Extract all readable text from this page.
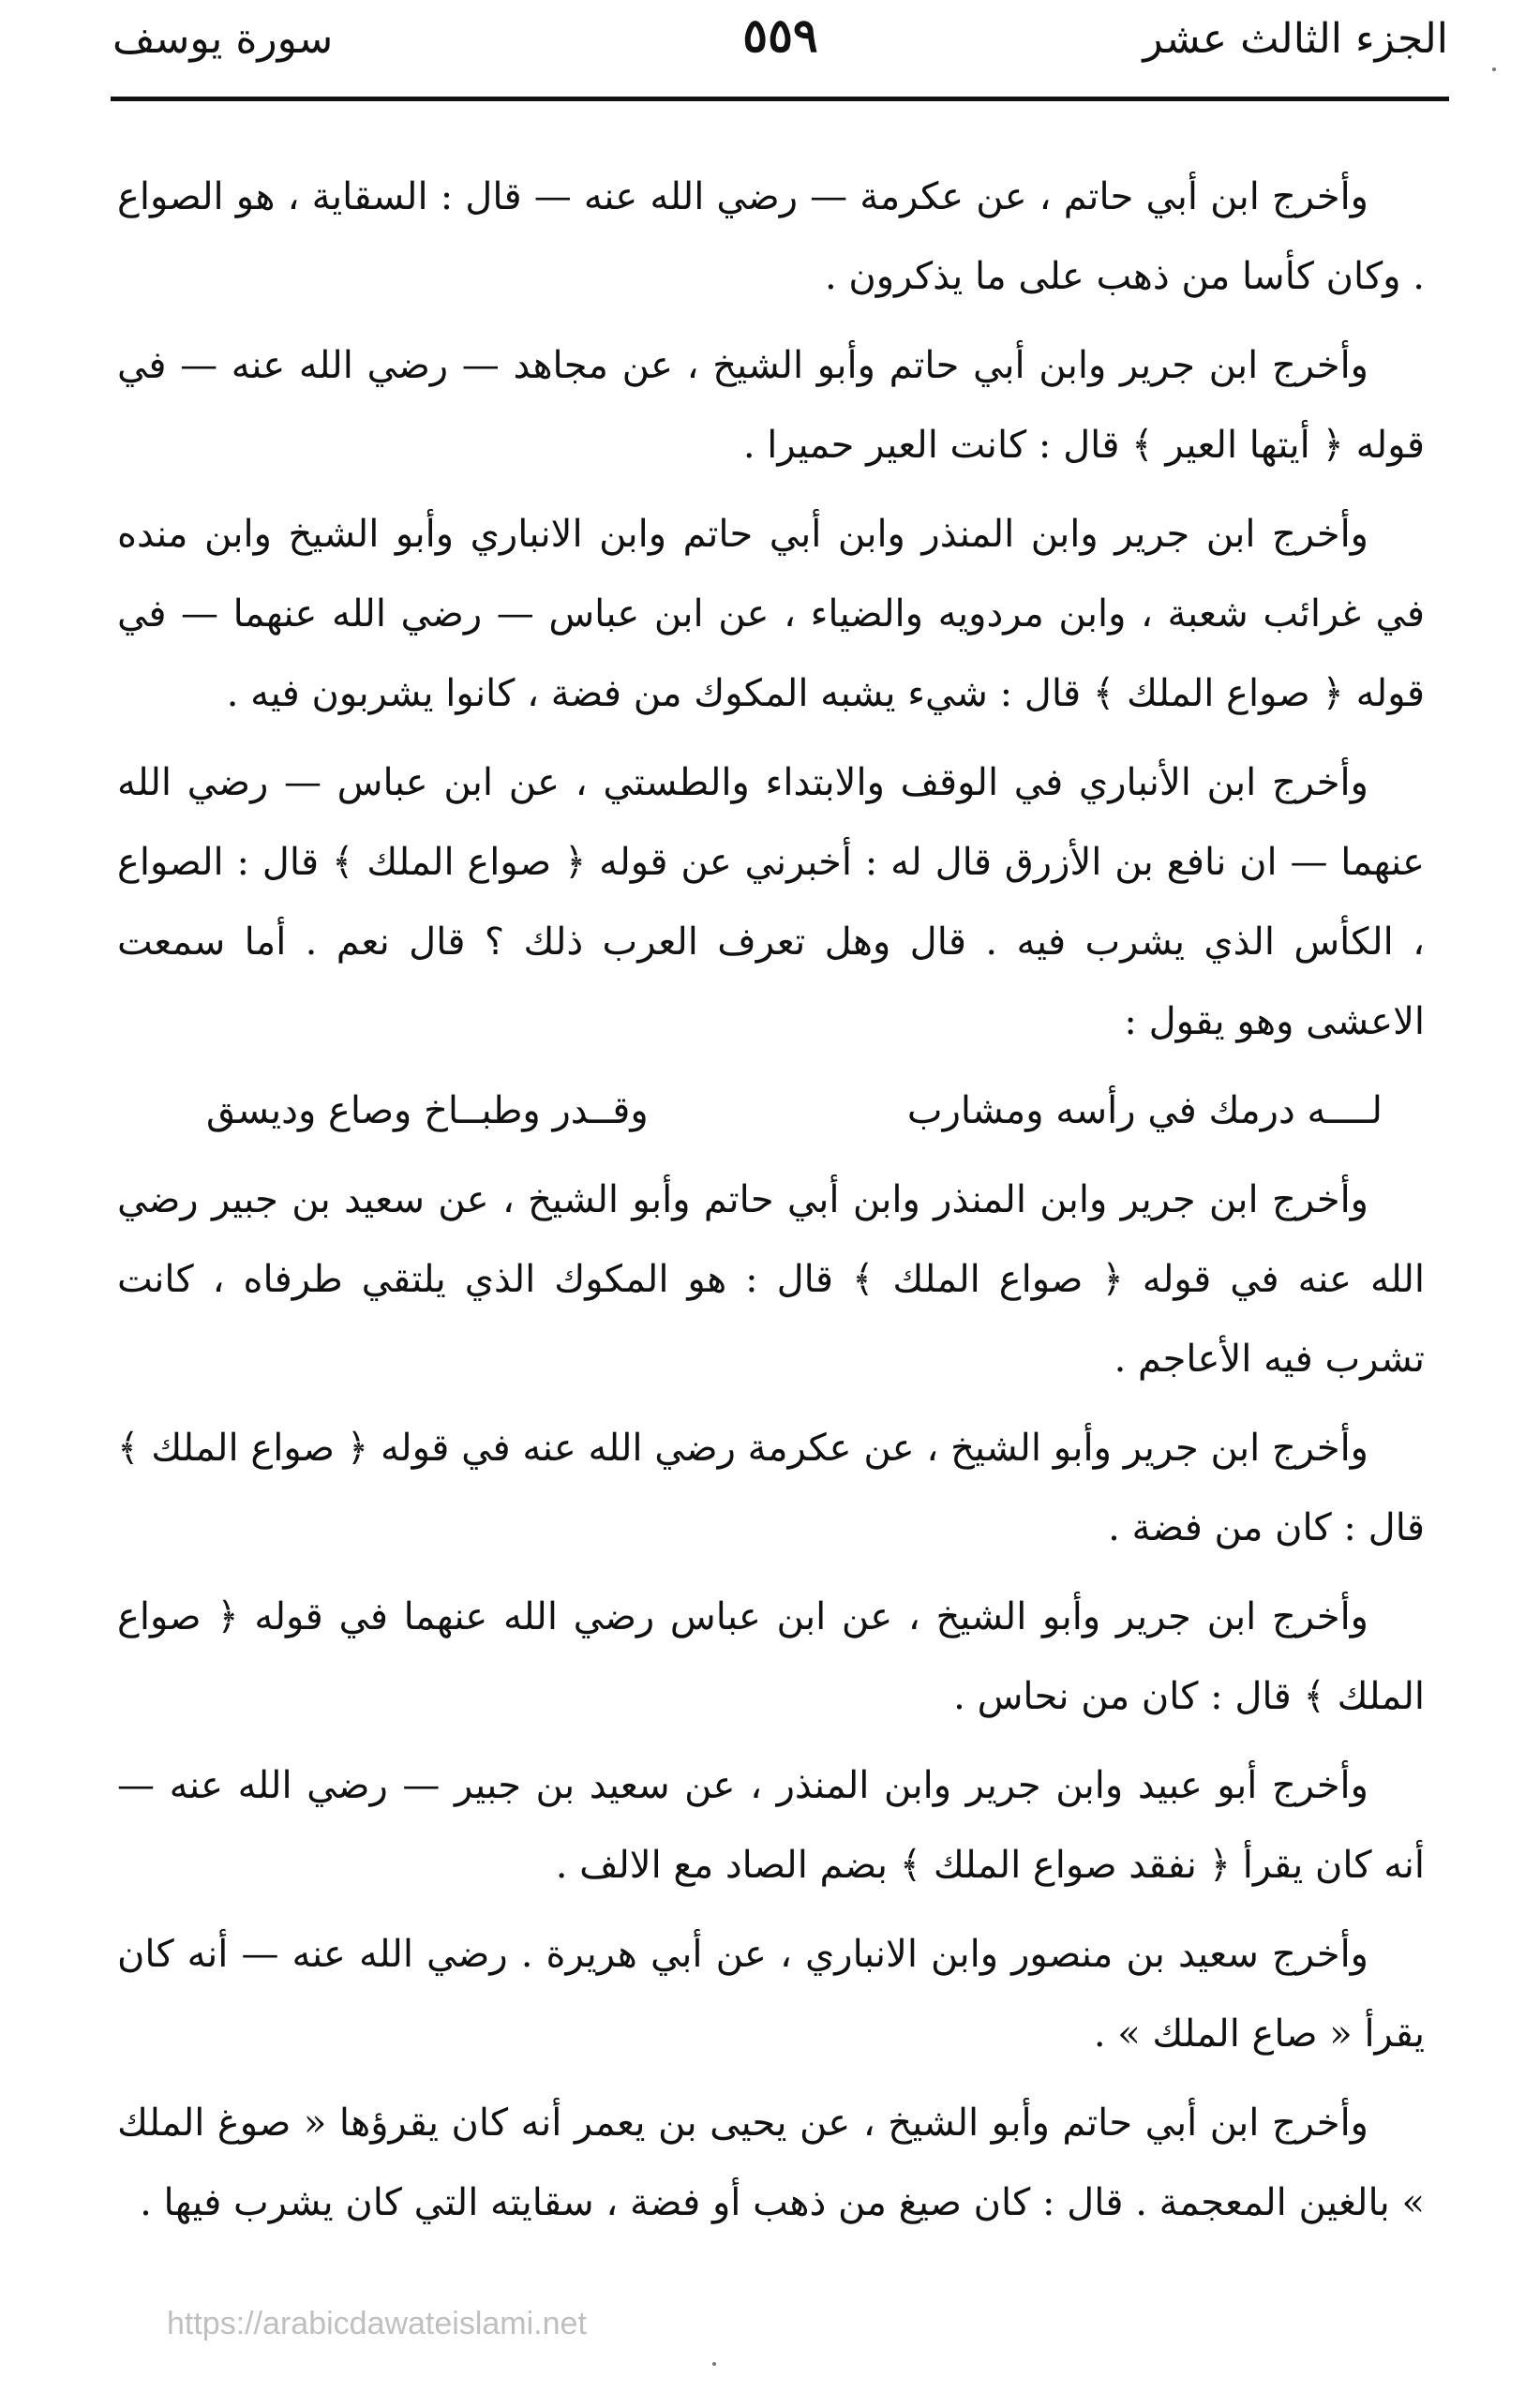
الجزء الثالث عشر
٥٥٩
سورة يوسف

وأخرج ابن أبي حاتم ، عن عكرمة — رضي الله عنه — قال : السقاية ، هو الصواع . وكان كأسا من ذهب على ما يذكرون .

وأخرج ابن جرير وابن أبي حاتم وأبو الشيخ ، عن مجاهد — رضي الله عنه — في قوله ﴿ أيتها العير ﴾ قال : كانت العير حميرا .

وأخرج ابن جرير وابن المنذر وابن أبي حاتم وابن الانباري وأبو الشيخ وابن منده في غرائب شعبة ، وابن مردويه والضياء ، عن ابن عباس — رضي الله عنهما — في قوله ﴿ صواع الملك ﴾ قال : شيء يشبه المكوك من فضة ، كانوا يشربون فيه .

وأخرج ابن الأنباري في الوقف والابتداء والطستي ، عن ابن عباس — رضي الله عنهما — ان نافع بن الأزرق قال له : أخبرني عن قوله ﴿ صواع الملك ﴾ قال : الصواع ، الكأس الذي يشرب فيه . قال وهل تعرف العرب ذلك ؟ قال نعم . أما سمعت الاعشى وهو يقول :

لــــه درمك في رأسه ومشارب
وقــدر وطبــاخ وصاع وديسق

وأخرج ابن جرير وابن المنذر وابن أبي حاتم وأبو الشيخ ، عن سعيد بن جبير رضي الله عنه في قوله ﴿ صواع الملك ﴾ قال : هو المكوك الذي يلتقي طرفاه ، كانت تشرب فيه الأعاجم .

وأخرج ابن جرير وأبو الشيخ ، عن عكرمة رضي الله عنه في قوله ﴿ صواع الملك ﴾ قال : كان من فضة .

وأخرج ابن جرير وأبو الشيخ ، عن ابن عباس رضي الله عنهما في قوله ﴿ صواع الملك ﴾ قال : كان من نحاس .

وأخرج أبو عبيد وابن جرير وابن المنذر ، عن سعيد بن جبير — رضي الله عنه — أنه كان يقرأ ﴿ نفقد صواع الملك ﴾ بضم الصاد مع الالف .

وأخرج سعيد بن منصور وابن الانباري ، عن أبي هريرة . رضي الله عنه — أنه كان يقرأ « صاع الملك » .

وأخرج ابن أبي حاتم وأبو الشيخ ، عن يحيى بن يعمر أنه كان يقرؤها « صوغ الملك » بالغين المعجمة . قال : كان صيغ من ذهب أو فضة ، سقايته التي كان يشرب فيها .

https://arabicdawateislami.net
